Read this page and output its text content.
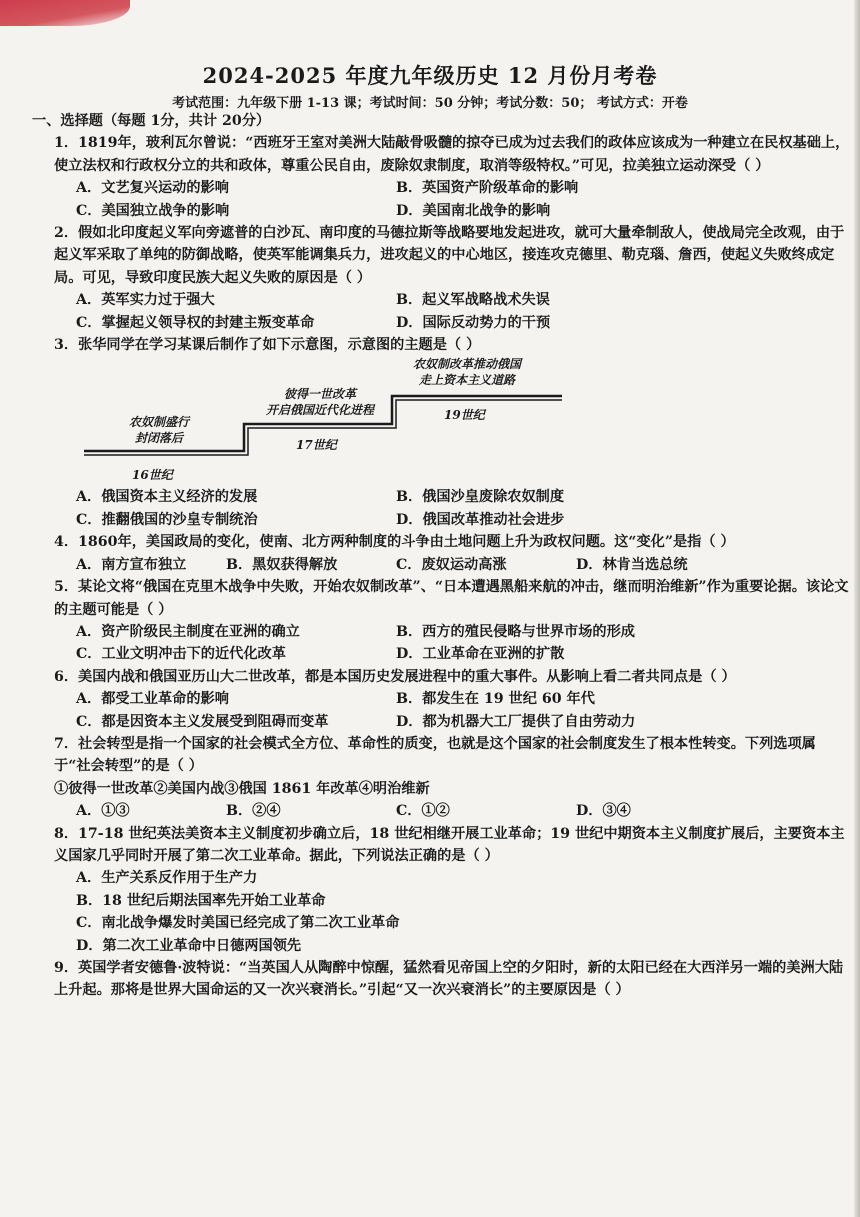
2024-2025 年度九年级历史 12 月份月考卷
考试范围：九年级下册 1-13 课；考试时间：50 分钟；考试分数：50； 考试方式：开卷
一、选择题（每题 1分，共计 20分）
1．1819年，玻利瓦尔曾说：“西班牙王室对美洲大陆敲骨吸髓的掠夺已成为过去我们的政体应该成为一种建立在民权基础上，使立法权和行政权分立的共和政体，尊重公民自由，废除奴隶制度，取消等级特权。”可见，拉美独立运动深受（ ）
A．文艺复兴运动的影响	B．英国资产阶级革命的影响
C．美国独立战争的影响	D．美国南北战争的影响
2．假如北印度起义军向旁遮普的白沙瓦、南印度的马德拉斯等战略要地发起进攻，就可大量牵制敌人，使战局完全改观，由于起义军采取了单纯的防御战略，使英军能调集兵力，进攻起义的中心地区，接连攻克德里、勒克瑙、詹西，使起义失败终成定局。可见，导致印度民族大起义失败的原因是（ ）
A．英军实力过于强大	B．起义军战略战术失误
C．掌握起义领导权的封建主叛变革命	D．国际反动势力的干预
3．张华同学在学习某课后制作了如下示意图，示意图的主题是（ ）
农奴制盛行
封闭落后
16世纪
彼得一世改革
开启俄国近代化进程
17世纪
农奴制改革推动俄国
走上资本主义道路
19世纪
A．俄国资本主义经济的发展	B．俄国沙皇废除农奴制度
C．推翻俄国的沙皇专制统治	D．俄国改革推动社会进步
4．1860年，美国政局的变化，使南、北方两种制度的斗争由土地问题上升为政权问题。这“变化”是指（ ）
A．南方宣布独立	B．黑奴获得解放	C．废奴运动高涨	D．林肯当选总统
5．某论文将“俄国在克里木战争中失败，开始农奴制改革”、“日本遭遇黑船来航的冲击，继而明治维新”作为重要论据。该论文的主题可能是（ ）
A．资产阶级民主制度在亚洲的确立	B．西方的殖民侵略与世界市场的形成
C．工业文明冲击下的近代化改革	D．工业革命在亚洲的扩散
6．美国内战和俄国亚历山大二世改革，都是本国历史发展进程中的重大事件。从影响上看二者共同点是（ ）
A．都受工业革命的影响	B．都发生在 19 世纪 60 年代
C．都是因资本主义发展受到阻碍而变革	D．都为机器大工厂提供了自由劳动力
7．社会转型是指一个国家的社会模式全方位、革命性的质变，也就是这个国家的社会制度发生了根本性转变。下列选项属于“社会转型”的是（ ）
①彼得一世改革②美国内战③俄国 1861 年改革④明治维新
A．①③	B．②④	C．①②	D．③④
8．17-18 世纪英法美资本主义制度初步确立后，18 世纪相继开展工业革命；19 世纪中期资本主义制度扩展后，主要资本主义国家几乎同时开展了第二次工业革命。据此，下列说法正确的是（ ）
A．生产关系反作用于生产力
B．18 世纪后期法国率先开始工业革命
C．南北战争爆发时美国已经完成了第二次工业革命
D．第二次工业革命中日德两国领先
9．英国学者安德鲁·波特说：“当英国人从陶醉中惊醒，猛然看见帝国上空的夕阳时，新的太阳已经在大西洋另一端的美洲大陆上升起。那将是世界大国命运的又一次兴衰消长。”引起“又一次兴衰消长”的主要原因是（ ）
